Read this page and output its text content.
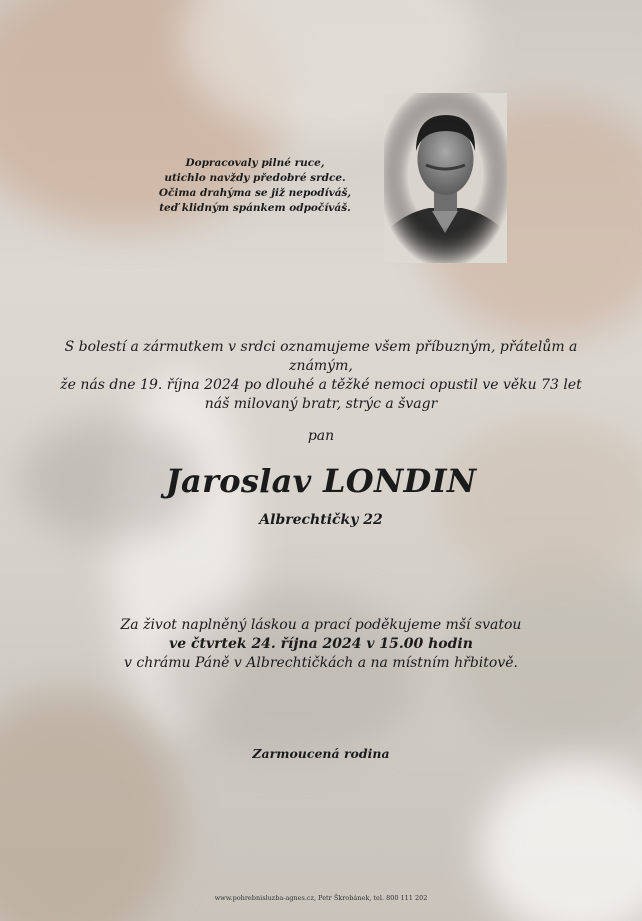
Dopracovaly pilné ruce,
utichlo navždy předobré srdce.
Očima drahýma se již nepodíváš,
teď klidným spánkem odpočíváš.
S bolestí a zármutkem v srdci oznamujeme všem příbuzným, přátelům a známým,
že nás dne 19. října 2024 po dlouhé a těžké nemoci opustil ve věku 73 let
náš milovaný bratr, strýc a švagr
pan
Jaroslav LONDIN
Albrechtičky 22
Za život naplněný láskou a prací poděkujeme mší svatou
ve čtvrtek 24. října 2024 v 15.00 hodin
v chrámu Páně v Albrechtičkách a na místním hřbitově.
Zarmoucená rodina
www.pohrebnisluzba-agnes.cz, Petr Škrobánek, tel. 800 111 202
